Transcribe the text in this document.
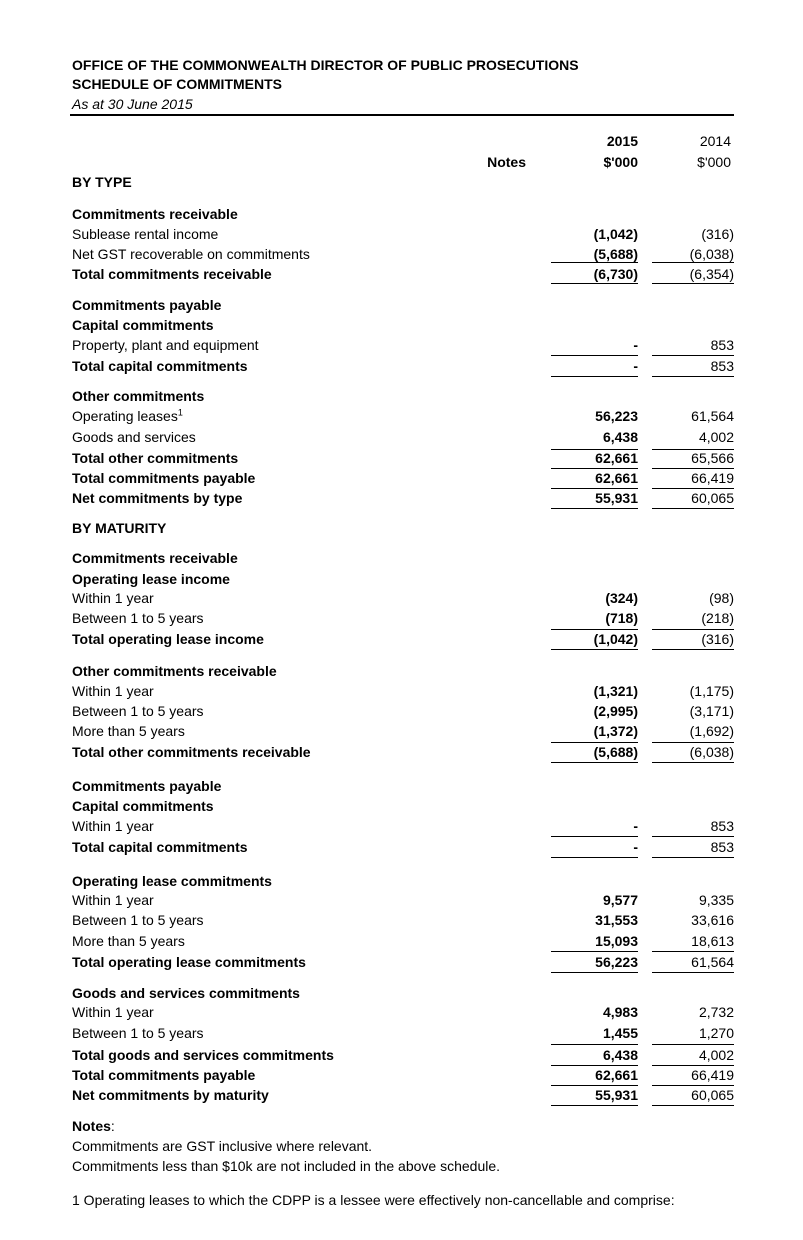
OFFICE OF THE COMMONWEALTH DIRECTOR OF PUBLIC PROSECUTIONS
SCHEDULE OF COMMITMENTS
As at 30 June 2015
2015	2014
Notes	$'000	$'000
BY TYPE
Commitments receivable
Sublease rental income	(1,042)	(316)
Net GST recoverable on commitments	(5,688)	(6,038)
Total commitments receivable	(6,730)	(6,354)
Commitments payable
Capital commitments
Property, plant and equipment	-	853
Total capital commitments	-	853
Other commitments
Operating leases$^1$	56,223	61,564
Goods and services	6,438	4,002
Total other commitments	62,661	65,566
Total commitments payable	62,661	66,419
Net commitments by type	55,931	60,065
BY MATURITY
Commitments receivable
Operating lease income
Within 1 year	(324)	(98)
Between 1 to 5 years	(718)	(218)
Total operating lease income	(1,042)	(316)
Other commitments receivable
Within 1 year	(1,321)	(1,175)
Between 1 to 5 years	(2,995)	(3,171)
More than 5 years	(1,372)	(1,692)
Total other commitments receivable	(5,688)	(6,038)
Commitments payable
Capital commitments
Within 1 year	-	853
Total capital commitments	-	853
Operating lease commitments
Within 1 year	9,577	9,335
Between 1 to 5 years	31,553	33,616
More than 5 years	15,093	18,613
Total operating lease commitments	56,223	61,564
Goods and services commitments
Within 1 year	4,983	2,732
Between 1 to 5 years	1,455	1,270
Total goods and services commitments	6,438	4,002
Total commitments payable	62,661	66,419
Net commitments by maturity	55,931	60,065
Notes:
Commitments are GST inclusive where relevant.
Commitments less than $10k are not included in the above schedule.
1 Operating leases to which the CDPP is a lessee were effectively non-cancellable and comprise:
